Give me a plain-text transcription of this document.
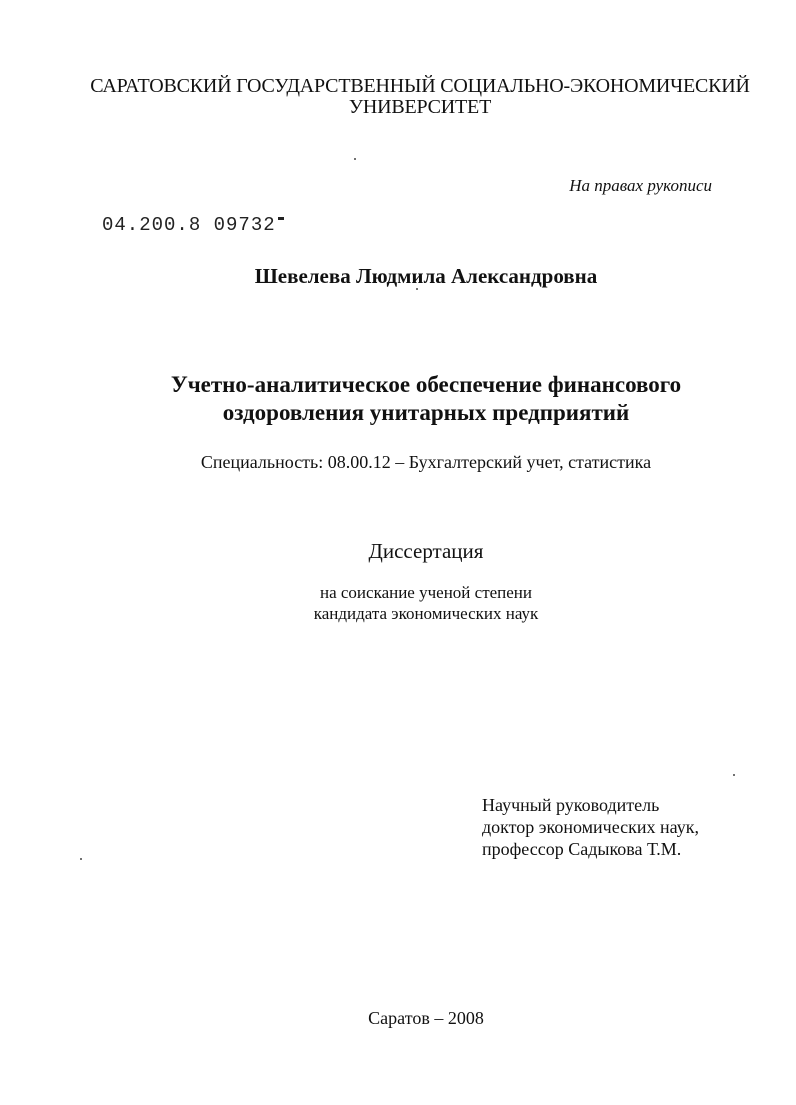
САРАТОВСКИЙ ГОСУДАРСТВЕННЫЙ СОЦИАЛЬНО-ЭКОНОМИЧЕСКИЙ
УНИВЕРСИТЕТ
На правах рукописи
04.200.8 09732
Шевелева Людмила Александровна
Учетно-аналитическое обеспечение финансового
оздоровления унитарных предприятий
Специальность: 08.00.12 – Бухгалтерский учет, статистика
Диссертация
на соискание ученой степени
кандидата экономических наук
Научный руководитель
доктор экономических наук,
профессор Садыкова Т.М.
Саратов – 2008
